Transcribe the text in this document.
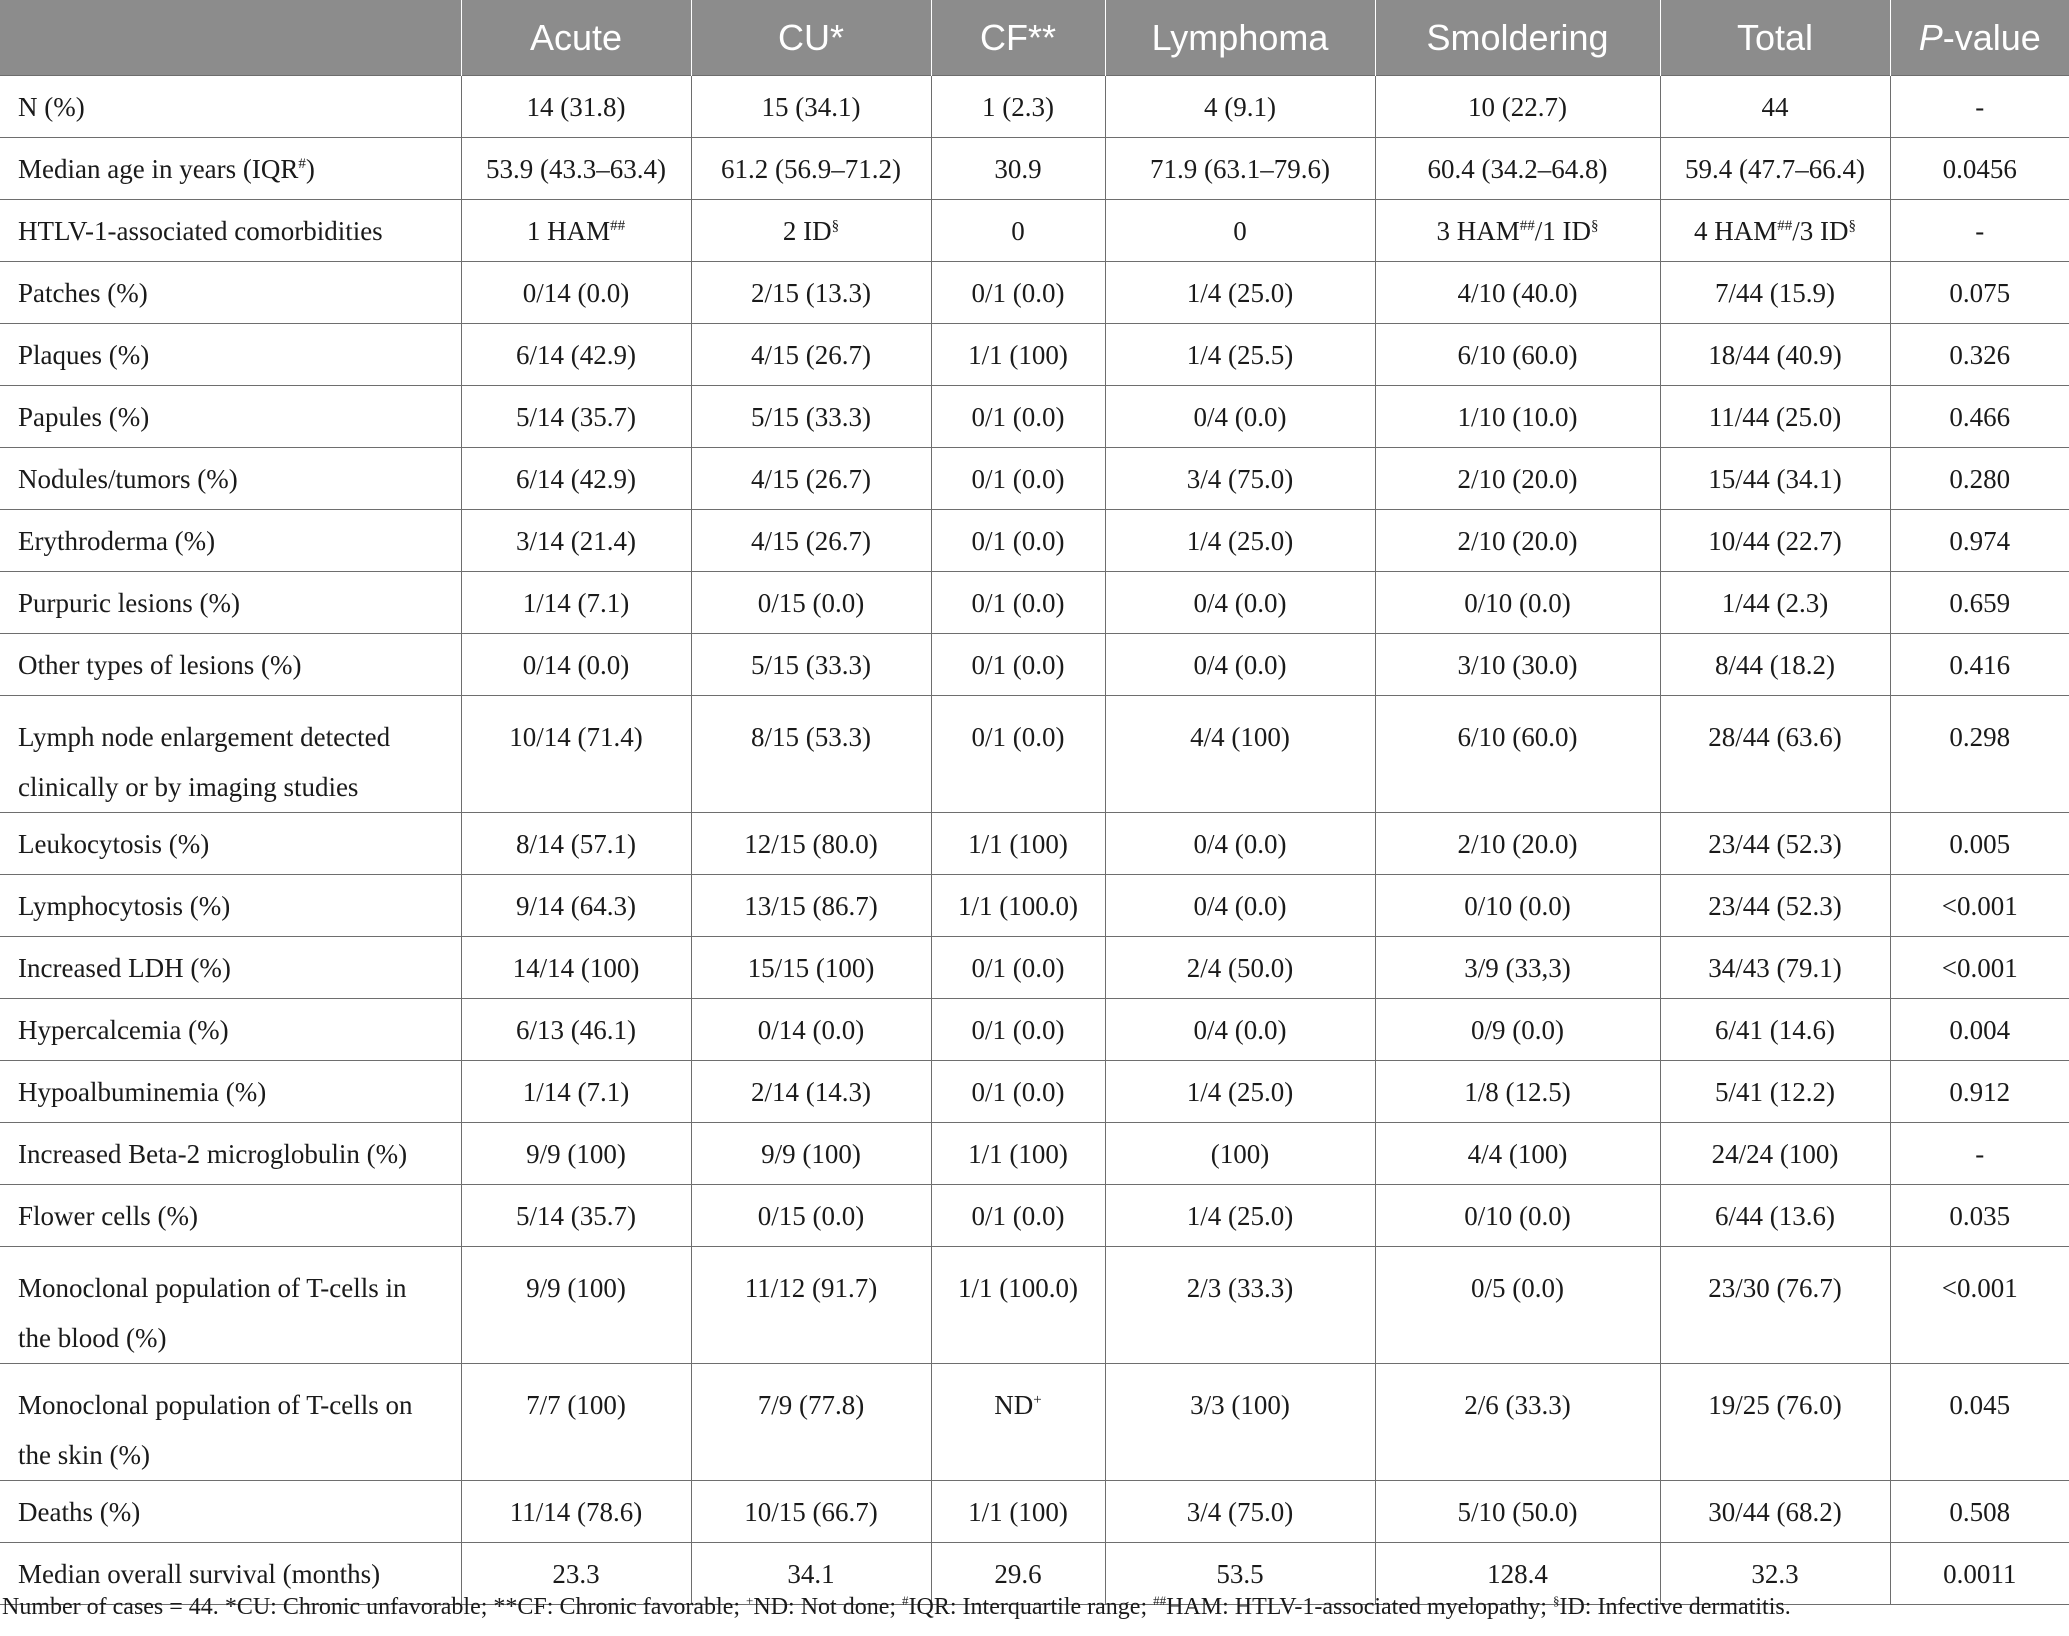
	Acute	CU*	CF**	Lymphoma	Smoldering	Total	P-value

N (%)	14 (31.8)	15 (34.1)	1 (2.3)	4 (9.1)	10 (22.7)	44	-

Median age in years (IQR#)	53.9 (43.3–63.4)	61.2 (56.9–71.2)	30.9	71.9 (63.1–79.6)	60.4 (34.2–64.8)	59.4 (47.7–66.4)	0.0456

HTLV-1-associated comorbidities	1 HAM##	2 ID§	0	0	3 HAM##/1 ID§	4 HAM##/3 ID§	-

Patches (%)	0/14 (0.0)	2/15 (13.3)	0/1 (0.0)	1/4 (25.0)	4/10 (40.0)	7/44 (15.9)	0.075

Plaques (%)	6/14 (42.9)	4/15 (26.7)	1/1 (100)	1/4 (25.5)	6/10 (60.0)	18/44 (40.9)	0.326

Papules (%)	5/14 (35.7)	5/15 (33.3)	0/1 (0.0)	0/4 (0.0)	1/10 (10.0)	11/44 (25.0)	0.466

Nodules/tumors (%)	6/14 (42.9)	4/15 (26.7)	0/1 (0.0)	3/4 (75.0)	2/10 (20.0)	15/44 (34.1)	0.280

Erythroderma (%)	3/14 (21.4)	4/15 (26.7)	0/1 (0.0)	1/4 (25.0)	2/10 (20.0)	10/44 (22.7)	0.974

Purpuric lesions (%)	1/14 (7.1)	0/15 (0.0)	0/1 (0.0)	0/4 (0.0)	0/10 (0.0)	1/44 (2.3)	0.659

Other types of lesions (%)	0/14 (0.0)	5/15 (33.3)	0/1 (0.0)	0/4 (0.0)	3/10 (30.0)	8/44 (18.2)	0.416

Lymph node enlargement detected clinically or by imaging studies	10/14 (71.4)	8/15 (53.3)	0/1 (0.0)	4/4 (100)	6/10 (60.0)	28/44 (63.6)	0.298

Leukocytosis (%)	8/14 (57.1)	12/15 (80.0)	1/1 (100)	0/4 (0.0)	2/10 (20.0)	23/44 (52.3)	0.005

Lymphocytosis (%)	9/14 (64.3)	13/15 (86.7)	1/1 (100.0)	0/4 (0.0)	0/10 (0.0)	23/44 (52.3)	<0.001

Increased LDH (%)	14/14 (100)	15/15 (100)	0/1 (0.0)	2/4 (50.0)	3/9 (33,3)	34/43 (79.1)	<0.001

Hypercalcemia (%)	6/13 (46.1)	0/14 (0.0)	0/1 (0.0)	0/4 (0.0)	0/9 (0.0)	6/41 (14.6)	0.004

Hypoalbuminemia (%)	1/14 (7.1)	2/14 (14.3)	0/1 (0.0)	1/4 (25.0)	1/8 (12.5)	5/41 (12.2)	0.912

Increased Beta-2 microglobulin (%)	9/9 (100)	9/9 (100)	1/1 (100)	(100)	4/4 (100)	24/24 (100)	-

Flower cells (%)	5/14 (35.7)	0/15 (0.0)	0/1 (0.0)	1/4 (25.0)	0/10 (0.0)	6/44 (13.6)	0.035

Monoclonal population of T-cells in the blood (%)	9/9 (100)	11/12 (91.7)	1/1 (100.0)	2/3 (33.3)	0/5 (0.0)	23/30 (76.7)	<0.001

Monoclonal population of T-cells on the skin (%)	7/7 (100)	7/9 (77.8)	ND+	3/3 (100)	2/6 (33.3)	19/25 (76.0)	0.045

Deaths (%)	11/14 (78.6)	10/15 (66.7)	1/1 (100)	3/4 (75.0)	5/10 (50.0)	30/44 (68.2)	0.508

Median overall survival (months)	23.3	34.1	29.6	53.5	128.4	32.3	0.0011
Number of cases = 44. *CU: Chronic unfavorable; **CF: Chronic favorable; +ND: Not done; #IQR: Interquartile range; ##HAM: HTLV-1-associated myelopathy; §ID: Infective dermatitis.
